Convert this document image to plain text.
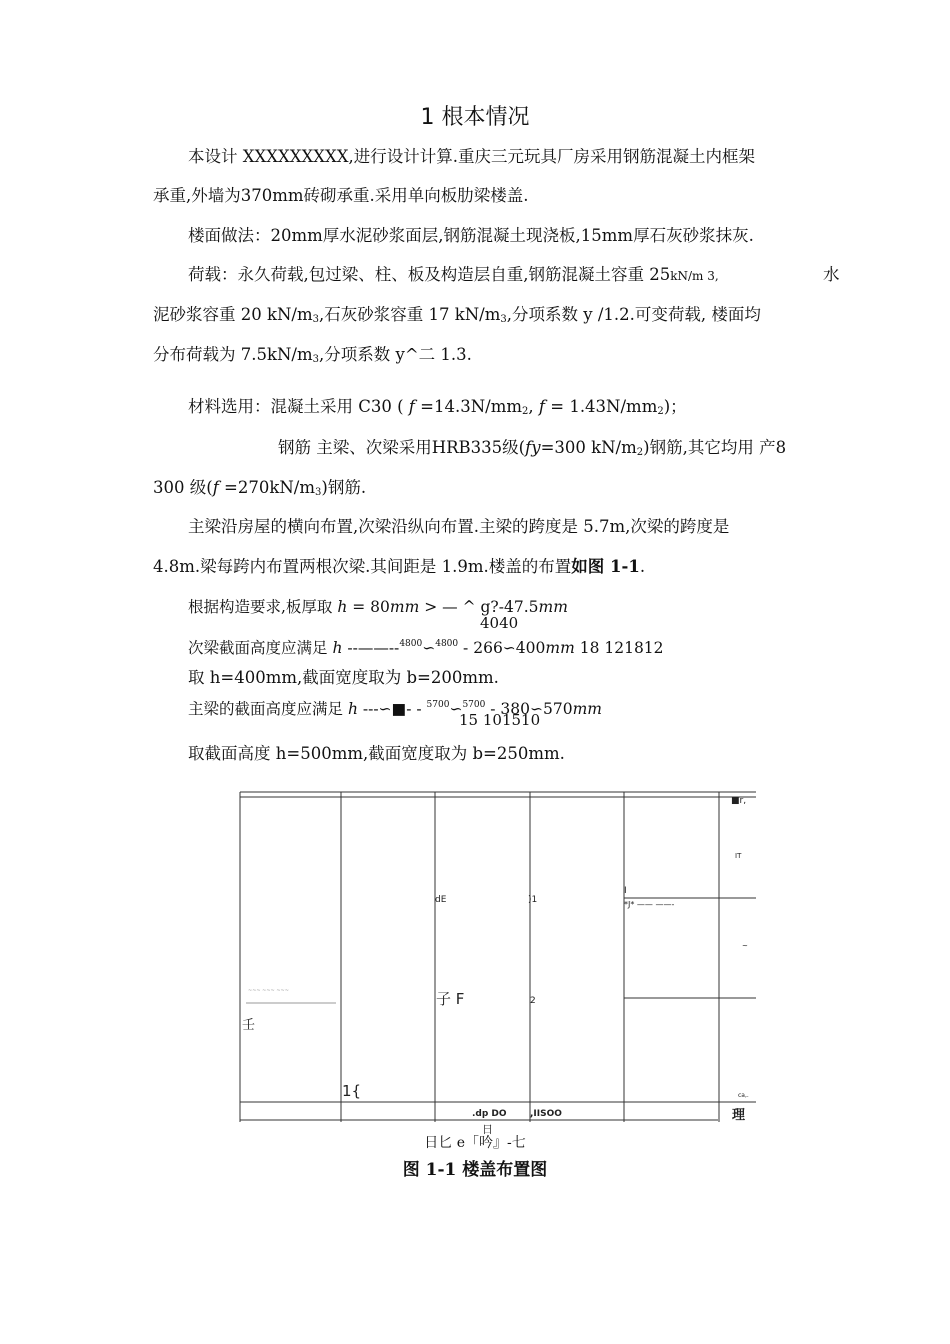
1 根本情况
本设计 XXXXXXXXX,进行设计计算.重庆三元玩具厂房采用钢筋混凝土内框架
承重,外墙为370mm砖砌承重.采用单向板肋梁楼盖.
楼面做法：20mm厚水泥砂浆面层,钢筋混凝土现浇板,15mm厚石灰砂浆抹灰.
荷载：永久荷载,包过梁、柱、板及构造层自重,钢筋混凝土容重 25kN/m 3,	水
泥砂浆容重 20 $kN/m_3$,石灰砂浆容重 17 $kN/m_3$,分项系数 y /1.2.可变荷载, 楼面均
分布荷载为 $7.5kN/m_3$,分项系数 y^二 1.3.
材料选用：混凝土采用 C30 ( $f =14.3N/mm_2$, $f = 1.43N/mm_2$)；
钢筋 主梁、次梁采用HRB335级(fy=300 $kN/m_2$)钢筋,其它均用 产8
300 级$(f =270kN/m_3)$钢筋.
主梁沿房屋的横向布置,次梁沿纵向布置.主梁的跨度是 5.7m,次梁的跨度是
4.8m.梁每跨内布置两根次梁.其间距是 1.9m.楼盖的布置如图 1-1.
根据构造要求,板厚取 h = 80mm > — ^ g?-47.5mm
4040
次梁截面高度应满足 h --——--$^{4800}$∽$^{4800}$ - 266∽400mm 18 121812
取 h=400mm,截面宽度取为 b=200mm.
主梁的截面高度应满足 h ---∽■- - $^{5700}$∽$^{5700}$ - 380∽570mm
15 101510
取截面高度 h=500mm,截面宽度取为 b=250mm.
■r,
IT
dE	)1
I
*J* —— ——-
~
子 F	2
~~~ ~~~ ~~~
壬
1{
.dp DO	,IISOO	理
ca,.
日
日匕 e「吟』-七
图 1-1 楼盖布置图
